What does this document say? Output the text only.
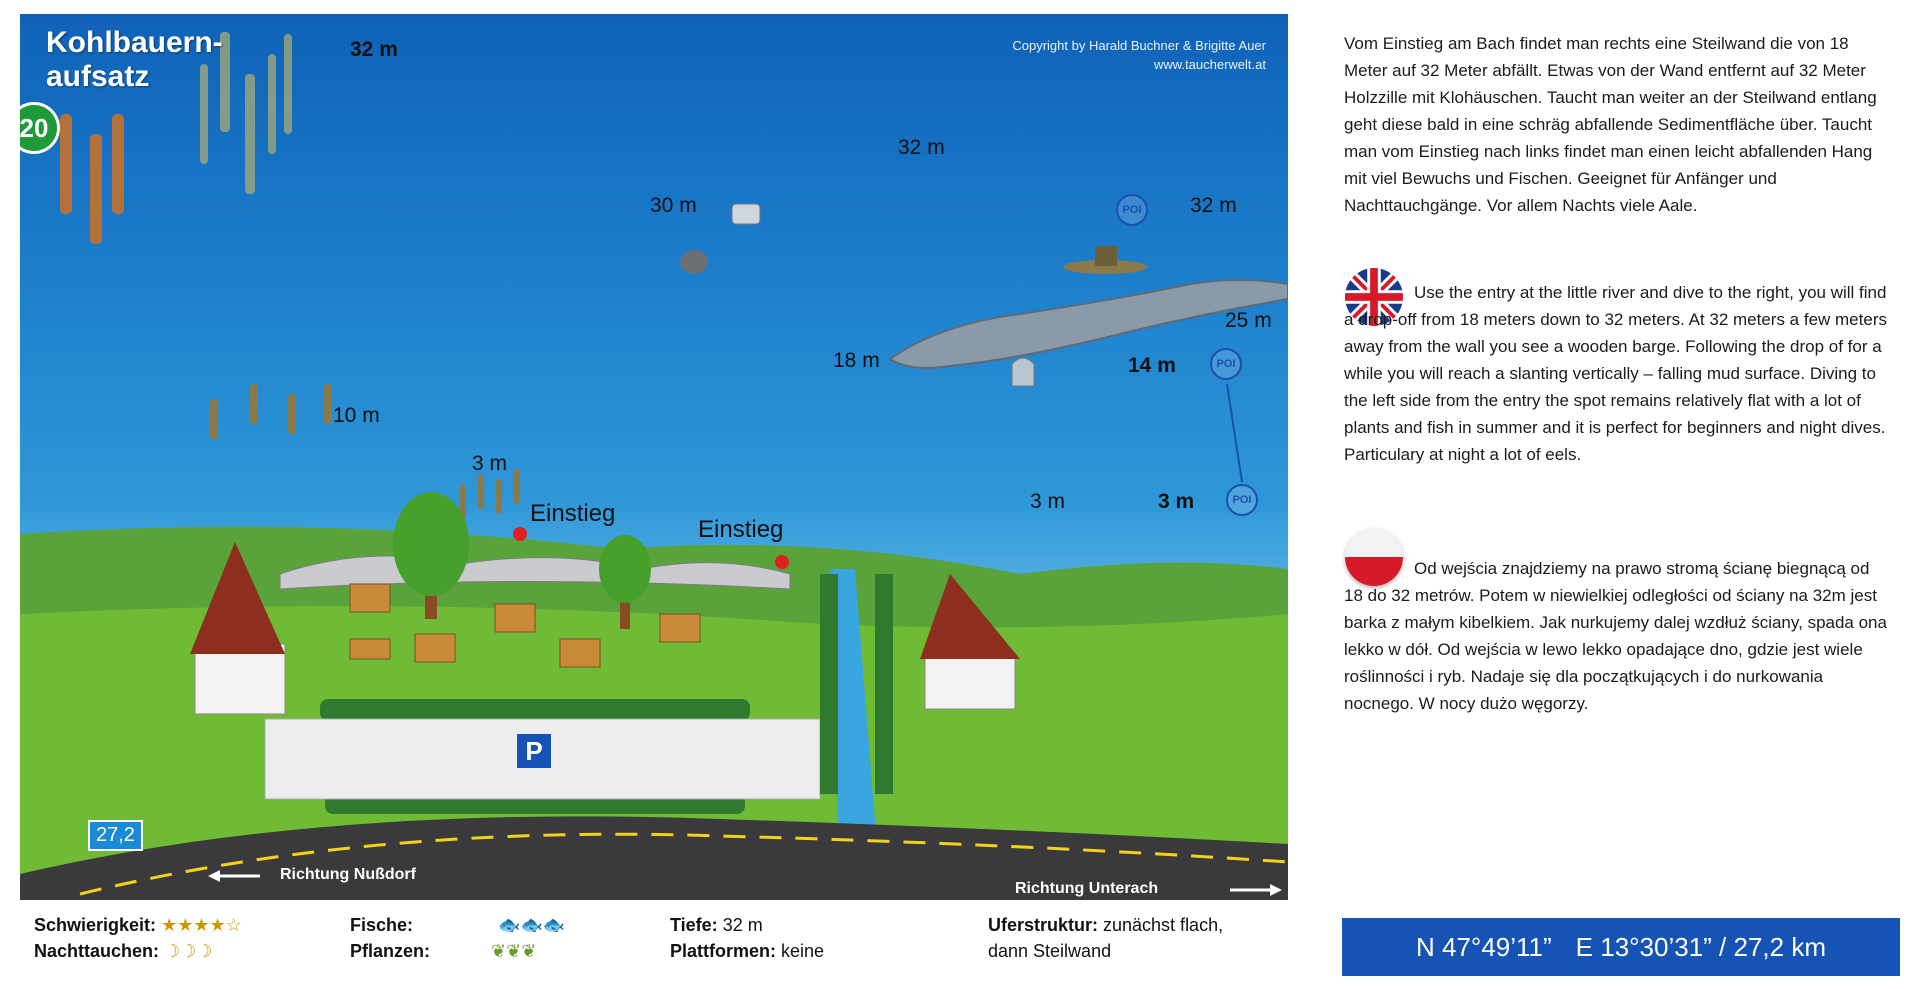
Kohlbauern-
aufsatz
20
Copyright by Harald Buchner & Brigitte Auer
www.taucherwelt.at
32 m
32 m
30 m	32 m
25 m
18 m	14 m
10 m
3 m
3 m	3 m
POI
POI
POI
Einstieg
Einstieg
27,2
P
Richtung Nußdorf
Richtung Unterach

Vom Einstieg am Bach findet man rechts eine Steilwand die von 18 Meter auf 32 Meter abfällt. Etwas von der Wand entfernt auf 32 Meter Holzzille mit Klohäuschen. Taucht man weiter an der Steilwand entlang geht diese bald in eine schräg abfallende Sedimentfläche über. Taucht man vom Einstieg nach links findet man einen leicht abfallenden Hang mit viel Bewuchs und Fischen. Geeignet für Anfänger und Nachttauchgänge. Vor allem Nachts viele Aale.

Use the entry at the little river and dive to the right, you will find a drop-off from 18 meters down to 32 meters. At 32 meters a few meters away from the wall you see a wooden barge. Following the drop of for a while you will reach a slanting vertically – falling mud surface. Diving to the left side from the entry the spot remains relatively flat with a lot of plants and fish in summer and it is perfect for beginners and night dives. Particulary at night a lot of eels.

Od wejścia znajdziemy na prawo stromą ścianę biegnącą od 18 do 32 metrów. Potem w niewielkiej odległości od ściany na 32m jest barka z małym kibelkiem. Jak nurkujemy dalej wzdłuż ściany, spada ona lekko w dół. Od wejścia w lewo lekko opadające dno, gdzie jest wiele roślinności i ryb. Nadaje się dla początkujących i do nurkowania nocnego. W nocy dużo węgorzy.

Schwierigkeit: ★★★★☆
Nachttauchen: ☽☽☽
Fische:	🐟🐟🐟
Pflanzen:	❦❦❦
Tiefe: 32 m
Plattformen: keine
Uferstruktur: zunächst flach,
dann Steilwand	N 47°49’11” E 13°30’31” / 27,2 km
